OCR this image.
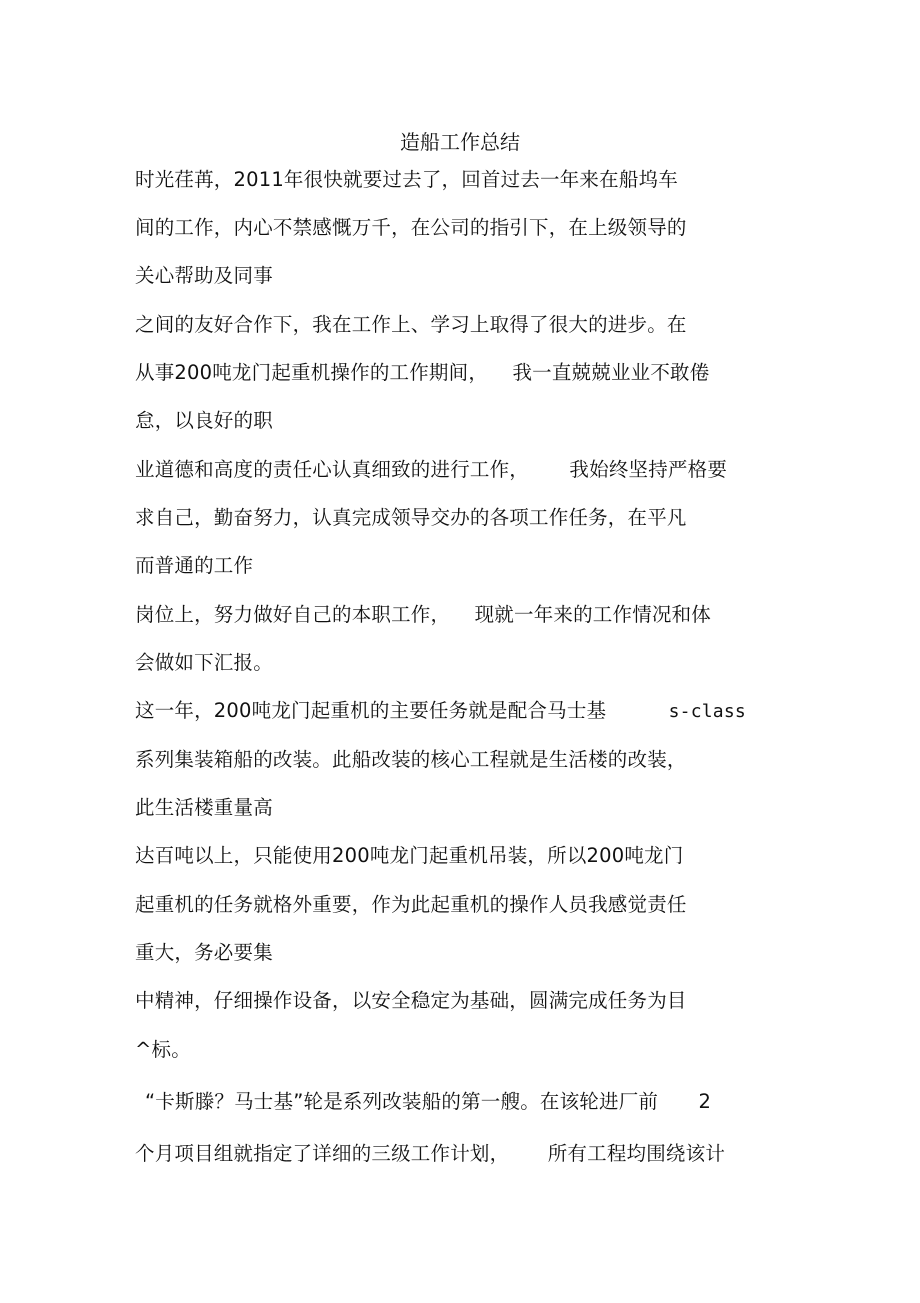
造船工作总结
时光荏苒，2011年很快就要过去了，回首过去一年来在船坞车
间的工作，内心不禁感慨万千，在公司的指引下，在上级领导的
关心帮助及同事
之间的友好合作下，我在工作上、学习上取得了很大的进步。在
从事200吨龙门起重机操作的工作期间， 我一直兢兢业业不敢倦
怠，以良好的职
业道德和高度的责任心认真细致的进行工作， 我始终坚持严格要
求自己，勤奋努力，认真完成领导交办的各项工作任务，在平凡
而普通的工作
岗位上，努力做好自己的本职工作， 现就一年来的工作情况和体
会做如下汇报。
这一年，200吨龙门起重机的主要任务就是配合马士基	s-class
系列集装箱船的改装。此船改装的核心工程就是生活楼的改装，
此生活楼重量高
达百吨以上，只能使用200吨龙门起重机吊装，所以200吨龙门
起重机的任务就格外重要，作为此起重机的操作人员我感觉责任
重大，务必要集
中精神，仔细操作设备，以安全稳定为基础，圆满完成任务为目
^标。
“卡斯滕？马士基”轮是系列改装船的第一艘。在该轮进厂前 2
个月项目组就指定了详细的三级工作计划， 所有工程均围绕该计
